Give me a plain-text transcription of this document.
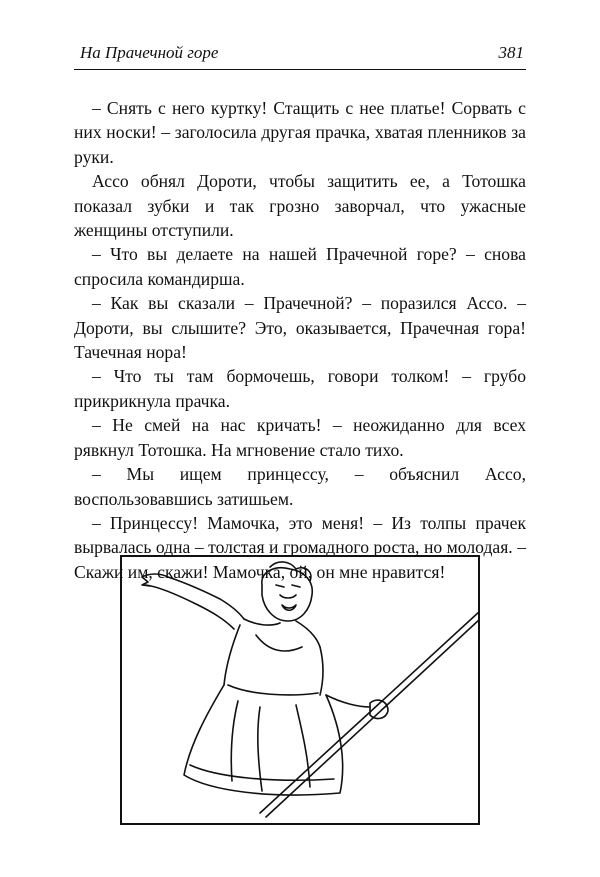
На Прачечной горе	381

– Снять с него куртку! Стащить с нее платье! Сорвать с них носки! – заголосила другая прачка, хватая пленников за руки.

Ассо обнял Дороти, чтобы защитить ее, а Тотошка показал зубки и так грозно заворчал, что ужасные женщины отступили.

– Что вы делаете на нашей Прачечной горе? – снова спросила командирша.

– Как вы сказали – Прачечной? – поразился Ассо. – Дороти, вы слышите? Это, оказывается, Прачечная гора! Тачечная нора!

– Что ты там бормочешь, говори толком! – грубо прикрикнула прачка.

– Не смей на нас кричать! – неожиданно для всех рявкнул Тотошка. На мгновение стало тихо.

– Мы ищем принцессу, – объяснил Ассо, воспользовавшись затишьем.

– Принцессу! Мамочка, это меня! – Из толпы прачек вырвалась одна – толстая и громадного роста, но молодая. – Скажи им, скажи! Мамочка, ой, он мне нравится!
